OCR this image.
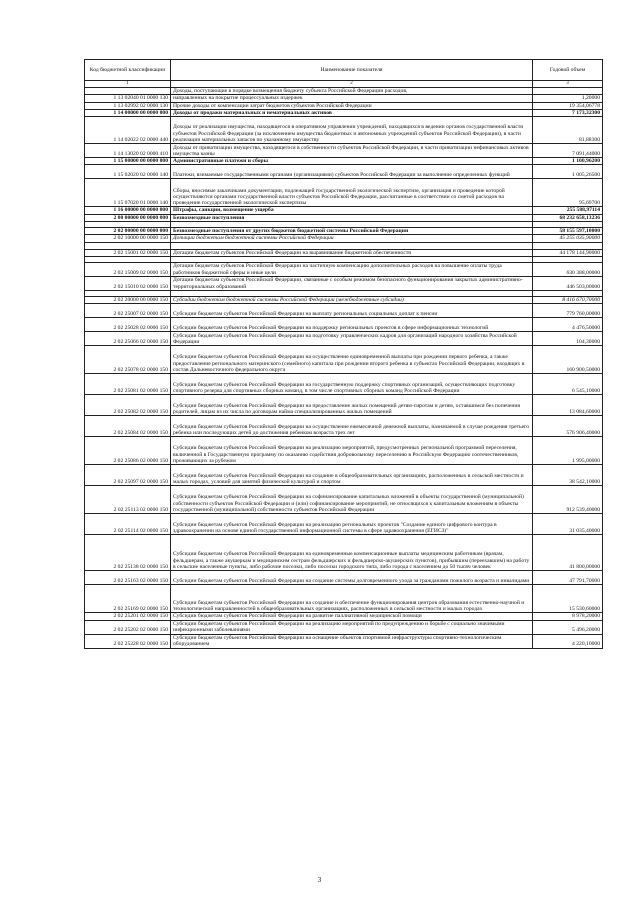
Код бюджетной классификации	Наименование показателя	Годовой объем
1	2	3
	Доходы, поступающие в порядке возмещения бюджету субъекта Российской Федерации расходов,	
1 13 02040 01 0000 130	направленных на покрытие процессуальных издержек	1,20000
1 13 02992 02 0000 130	Прочие доходы от компенсации затрат бюджетов субъектов Российской Федерации	19 354,06778
1 14 00000 00 0000 000	Доходы от продажи материальных и нематериальных активов	7 173,32300
1 14 02022 02 0000 440	Доходы от реализации имущества, находящегося в оперативном управлении учреждений, находящихся в ведении органов государственной власти субъектов Российской Федерации (за исключением имущества бюджетных и автономных учреждений субъектов Российской Федерации), в части реализации материальных запасов по указанному имуществу	81,88300
1 14 13020 02 0000 410	Доходы от приватизации имущества, находящегося в собственности субъектов Российской Федерации, в части приватизации нефинансовых активов имущества казны	7 091,44000
1 15 00000 00 0000 000	Административные платежи и сборы	1 100,96200
1 15 02020 02 0000 140	Платежи, взимаемые государственными органами (организациями) субъектов Российской Федерации за выполнение определенных функций	1 005,26500
1 15 07020 01 0000 140	Сборы, вносимые заказчиками документации, подлежащей государственной экологической экспертизе, организация и проведение которой осуществляются органами государственной власти субъектов Российской Федерации, рассчитанные в соответствии со сметой расходов на проведение государственной экологической экспертизы	95,69700
1 16 00000 00 0000 000	Штрафы, санкции, возмещение ущерба	255 588,97114
2 00 00000 00 0000 000	Безвозмездные поступления	68 232 658,13236

2 02 00000 00 0000 000	Безвозмездные поступления от других бюджетов бюджетной системы Российской Федерации	58 155 597,10000
2 02 10000 00 0000 150	Дотации бюджетам бюджетной системы Российской Федерации	45 255 035,90000

2 02 15001 02 0000 150	Дотации бюджетам субъектов Российской Федерации на выравнивание бюджетной обеспеченности	44 178 144,90000

2 02 15009 02 0000 150	Дотации бюджетам субъектов Российской Федерации на частичную компенсацию дополнительных расходов на повышение оплаты труда работников бюджетной сферы и иные цели	630 388,00000
2 02 15010 02 0000 150	Дотации бюджетам субъектов Российской Федерации, связанные с особым режимом безопасного функционирования закрытых административно-территориальных образований	446 503,00000

2 02 20000 00 0000 150	Субсидии бюджетам бюджетной системы Российской Федерации (межбюджетные субсидии)	8 416 670,70000
2 02 25007 02 0000 150	Субсидии бюджетам субъектов Российской Федерации на выплату региональных социальных доплат к пенсии	779 760,00000
2 02 25028 02 0000 150	Субсидии бюджетам субъектов Российской Федерации на поддержку региональных проектов в сфере информационных технологий	4 476,50000
2 02 25066 02 0000 150	Субсидии бюджетам субъектов Российской Федерации на подготовку управленческих кадров для организаций народного хозяйства Российской Федерации	104,30000
2 02 25078 02 0000 150	Субсидии бюджетам субъектов Российской Федерации на осуществление единовременной выплаты при рождении первого ребенка, а также предоставление регионального материнского (семейного) капитала при рождении второго ребенка в субъектах Российской Федерации, входящих в состав Дальневосточного федерального округа	160 900,50000
2 02 25081 02 0000 150	Субсидии бюджетам субъектов Российской Федерации на государственную поддержку спортивных организаций, осуществляющих подготовку спортивного резерва для спортивных сборных команд, в том числе спортивных сборных команд Российской Федерации	6 545,10000
2 02 25082 02 0000 150	Субсидии бюджетам субъектов Российской Федерации на предоставление жилых помещений детям-сиротам и детям, оставшимся без попечения родителей, лицам из их числа по договорам найма специализированных жилых помещений	13 084,60000
2 02 25084 02 0000 150	Субсидии бюджетам субъектов Российской Федерации на осуществление ежемесячной денежной выплаты, назначаемой в случае рождения третьего ребенка или последующих детей до достижения ребенком возраста трех лет	576 906,40000
2 02 25086 02 0000 150	Субсидии бюджетам субъектов Российской Федерации на реализацию мероприятий, предусмотренных региональной программой переселения, включенной в Государственную программу по оказанию содействия добровольному переселению в Российскую Федерацию соотечественников, проживающих за рубежом	1 995,00000
2 02 25097 02 0000 150	Субсидии бюджетам субъектов Российской Федерации на создание в общеобразовательных организациях, расположенных в сельской местности и малых городах, условий для занятий физической культурой и спортом	38 542,10000
2 02 25113 02 0000 150	Субсидии бюджетам субъектов Российской Федерации на софинансирование капитальных вложений в объекты государственной (муниципальной) собственности субъектов Российской Федерации и (или) софинансирование мероприятий, не относящихся к капитальным вложениям в объекты государственной (муниципальной) собственности субъектов Российской Федерации	912 539,40000
2 02 25114 02 0000 150	Субсидии бюджетам субъектов Российской Федерации на реализацию региональных проектов "Создание единого цифрового контура в здравоохранении на основе единой государственной информационной системы в сфере здравоохранения (ЕГИСЗ)"	31 035,40000
2 02 25138 02 0000 150	Субсидии бюджетам субъектов Российской Федерации на единовременные компенсационные выплаты медицинским работникам (врачам, фельдшерам, а также акушеркам и медицинским сестрам фельдшерских и фельдшерско-акушерских пунктов), прибывшим (переехавшим) на работу в сельские населенные пункты, либо рабочие поселки, либо поселки городского типа, либо города с населением до 50 тысяч человек	41 800,00000
2 02 25163 02 0000 150	Субсидии бюджетам субъектов Российской Федерации на создание системы долговременного ухода за гражданами пожилого возраста и инвалидами	47 791,70000
2 02 25169 02 0000 150	Субсидии бюджетам субъектов Российской Федерации на создание и обеспечение функционирования центров образования естественно-научной и технологической направленностей в общеобразовательных организациях, расположенных в сельской местности и малых городах	15 530,60000
2 02 25201 02 0000 150	Субсидии бюджетам субъектов Российской Федерации на развитие паллиативной медицинской помощи	8 978,20000
2 02 25202 02 0000 150	Субсидии бюджетам субъектов Российской Федерации на реализацию мероприятий по предупреждению и борьбе с социально значимыми инфекционными заболеваниями	5 496,20000
2 02 25228 02 0000 150	Субсидии бюджетам субъектов Российской Федерации на оснащение объектов спортивной инфраструктуры спортивно-технологическим оборудованием	4 220,10000
3
